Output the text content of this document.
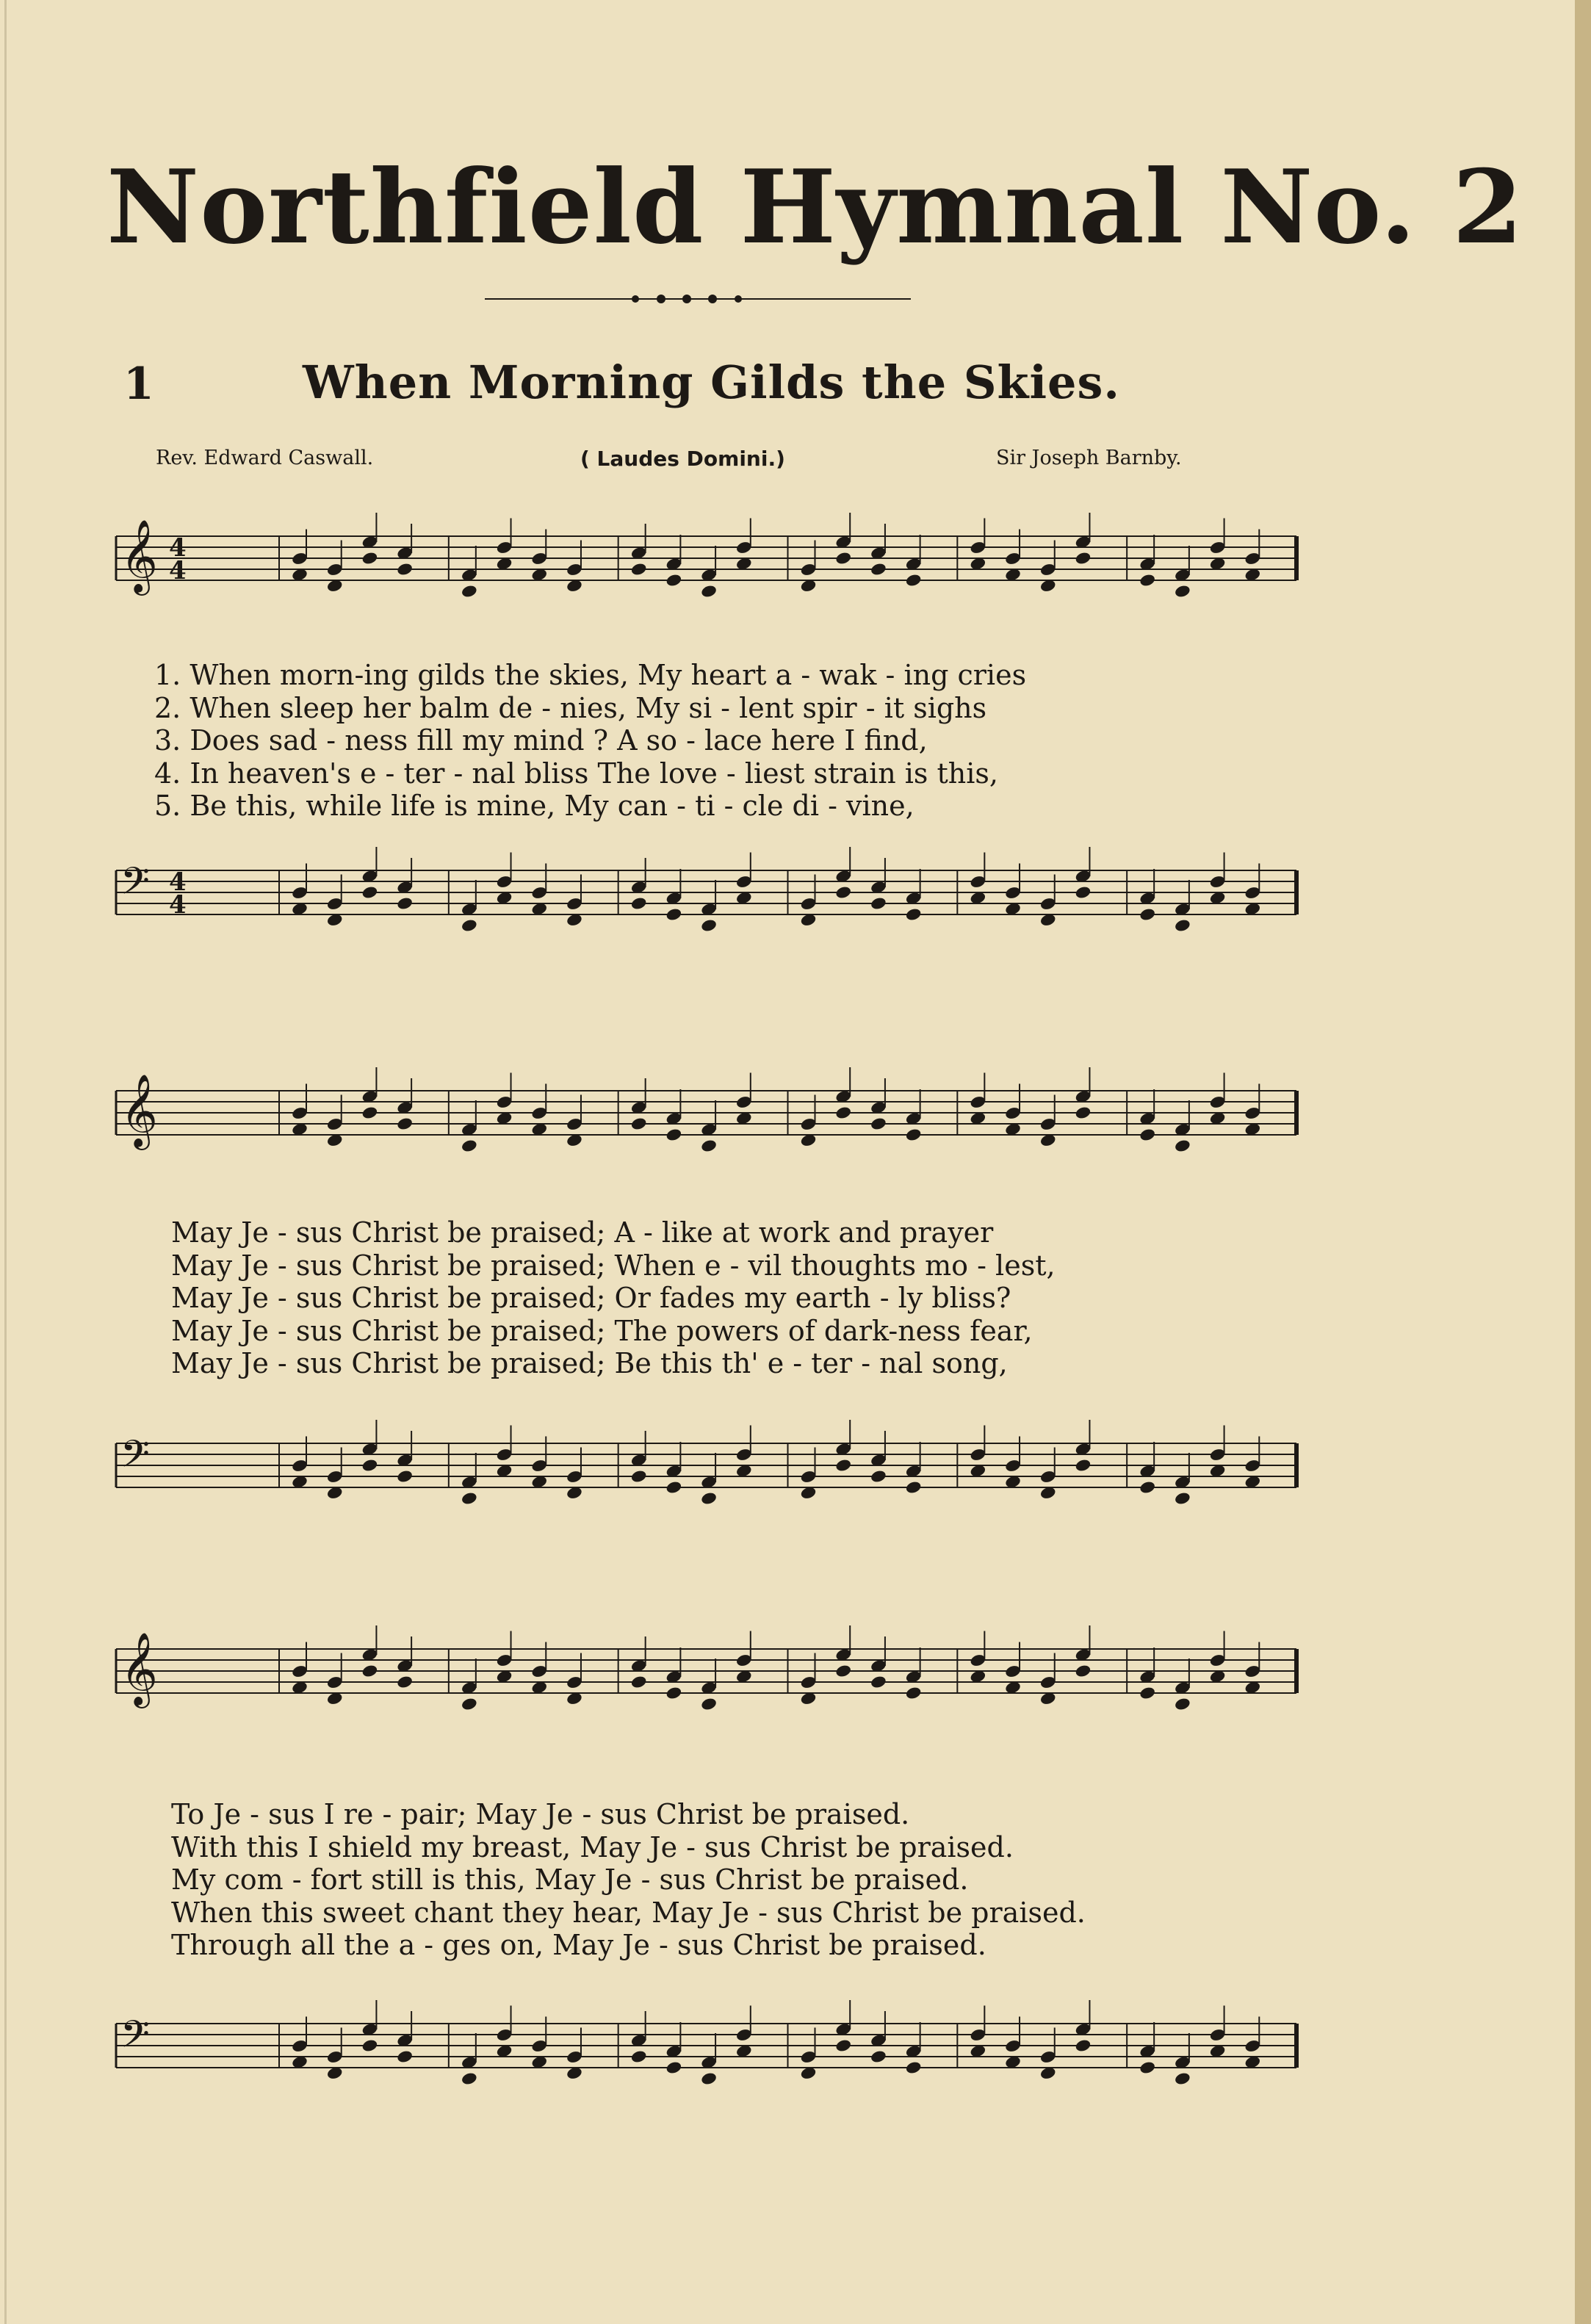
Northfield Hymnal No. 2
1	When Morning Gilds the Skies.
Rev. Edward Caswall.	( Laudes Domini.)	Sir Joseph Barnby.
𝄞 4
4
1. When morn-ing gilds the skies, My heart a - wak - ing cries
2. When sleep her balm de - nies, My si - lent spir - it sighs
3. Does sad - ness fill my mind ? A so - lace here I find,
4. In heaven's e - ter - nal bliss The love - liest strain is this,
5. Be this, while life is mine, My can - ti - cle di - vine,
𝄢 4
4
𝄞
May Je - sus Christ be praised; A - like at work and prayer
May Je - sus Christ be praised; When e - vil thoughts mo - lest,
May Je - sus Christ be praised; Or fades my earth - ly bliss?
May Je - sus Christ be praised; The powers of dark-ness fear,
May Je - sus Christ be praised; Be this th' e - ter - nal song,
𝄢
𝄞
To Je - sus I re - pair; May Je - sus Christ be praised.
With this I shield my breast, May Je - sus Christ be praised.
My com - fort still is this, May Je - sus Christ be praised.
When this sweet chant they hear, May Je - sus Christ be praised.
Through all the a - ges on, May Je - sus Christ be praised.
𝄢
